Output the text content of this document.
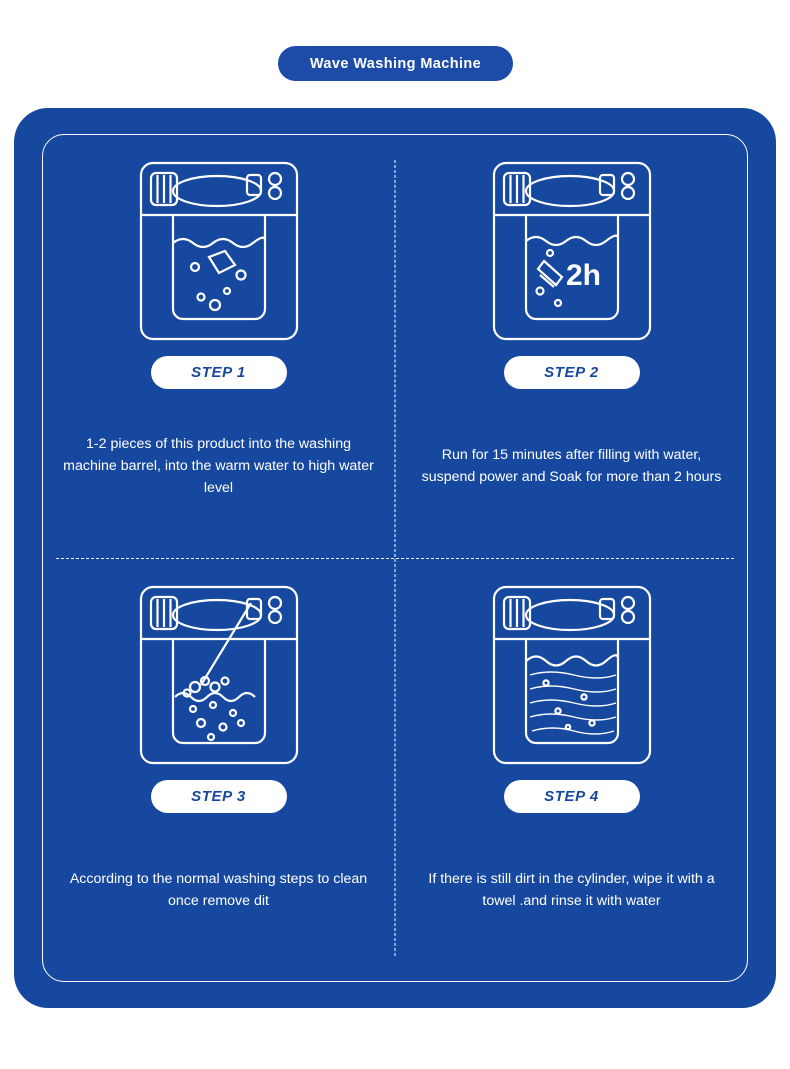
Wave Washing Machine
STEP 1
1-2 pieces of this product into the washing machine barrel, into the warm water to high water level
2h
STEP 2
Run for 15 minutes after filling with water, suspend power and Soak for more than 2 hours
STEP 3
According to the normal washing steps to clean once remove dit
STEP 4
If there is still dirt in the cylinder, wipe it with a towel .and rinse it with water
